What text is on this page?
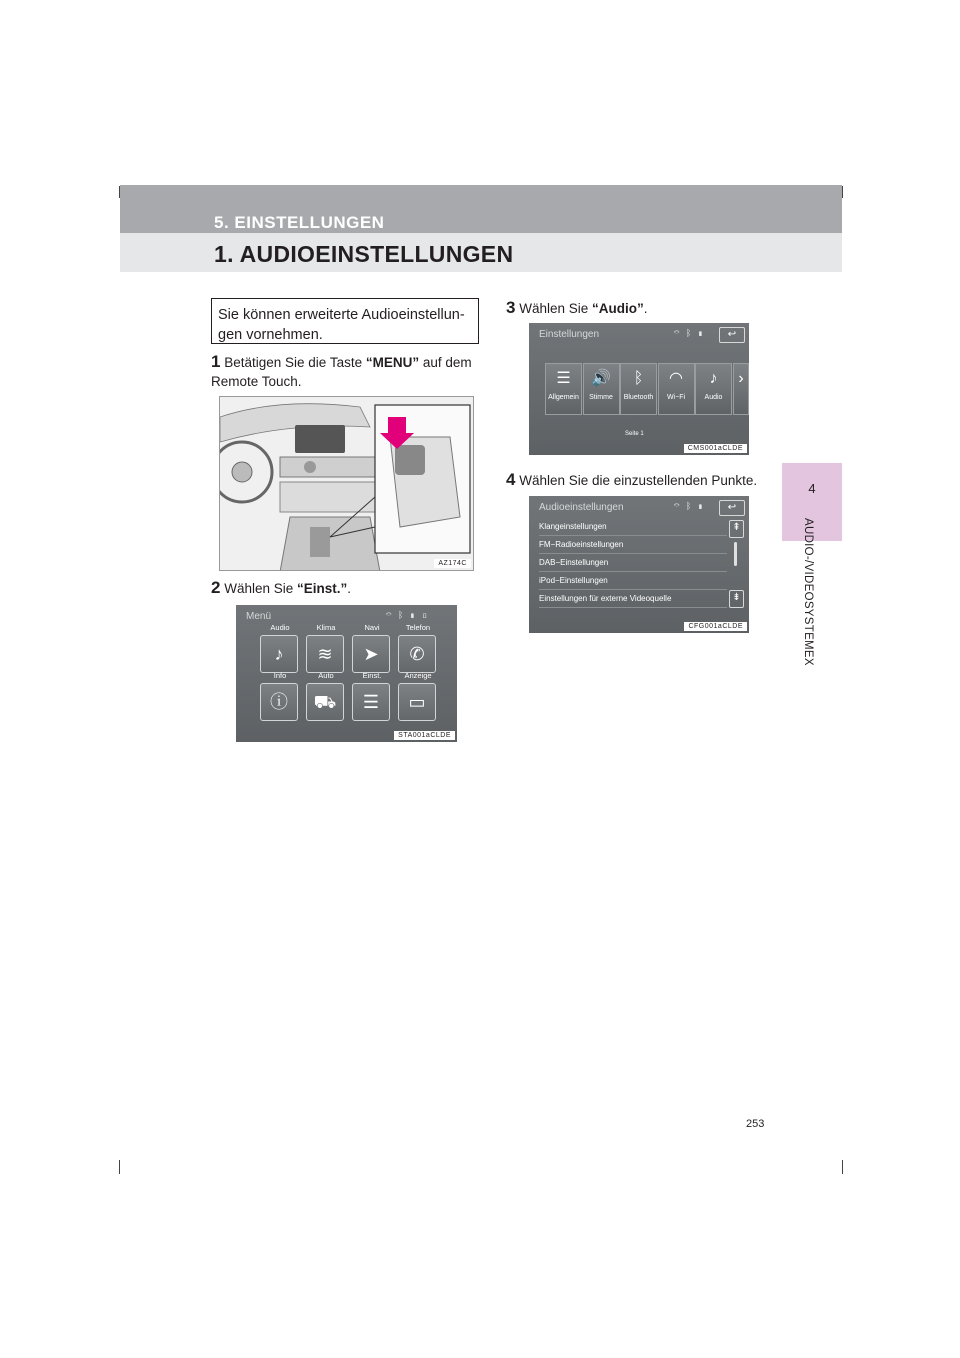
5. EINSTELLUNGEN
1. AUDIOEINSTELLUNGEN
4
AUDIO-/VIDEOSYSTEMEX
Sie können erweiterte Audioeinstellun-gen vornehmen.
1 Betätigen Sie die Taste “MENU” auf dem Remote Touch.
AZ174C
2 Wählen Sie “Einst.”.
Menü	⌔ ᛒ ▮ ▯
Audio
♪
Klima
≋
Navi
➤
Telefon
✆
Info
ⓘ
Auto
⛟
Einst.
☰
Anzeige
▭
STA001aCLDE
3 Wählen Sie “Audio”.
Einstellungen	⌔ ᛒ ▮	↩
☰
Allgemein
🔊
Stimme
ᛒ
Bluetooth
◠
Wi−Fi
♪
Audio
›
Seite 1
CMS001aCLDE
4 Wählen Sie die einzustellenden Punkte.
Audioeinstellungen	⌔ ᛒ ▮	↩
Klangeinstellungen
FM−Radioeinstellungen
DAB−Einstellungen
iPod−Einstellungen
Einstellungen für externe Videoquelle
⇞
⇟
CFG001aCLDE
253
